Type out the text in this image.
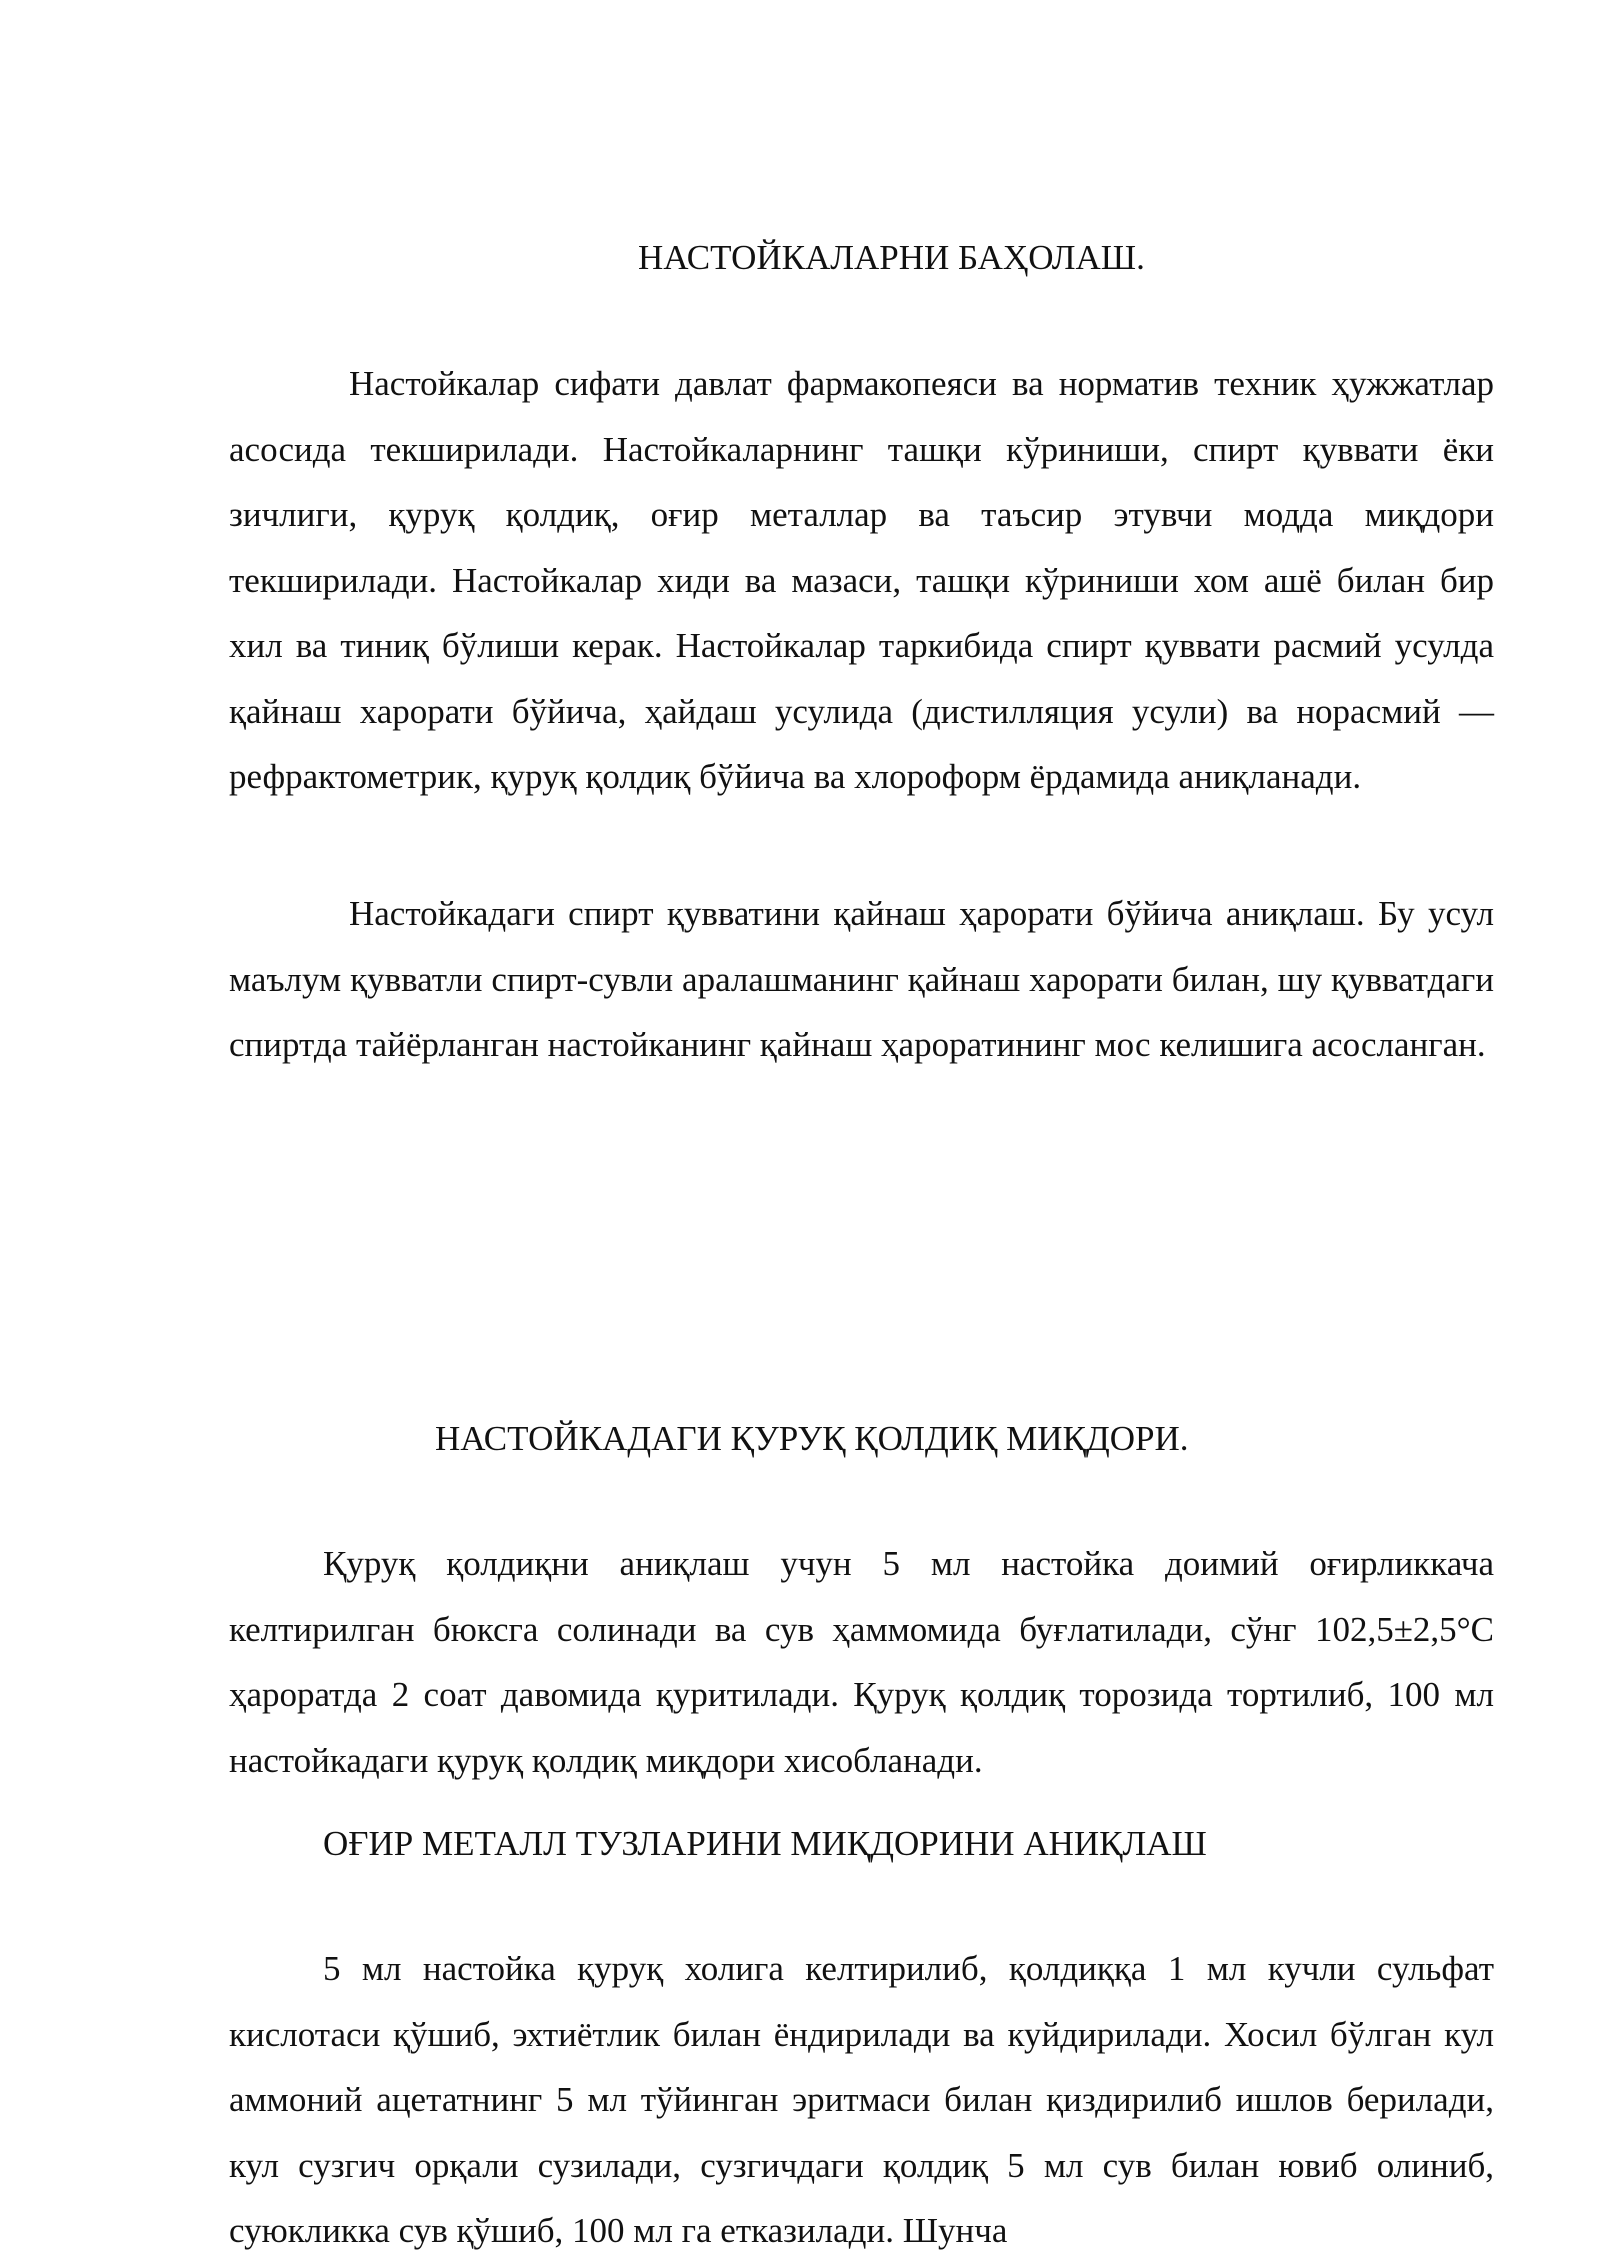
НАСТОЙКАЛАРНИ БАҲОЛАШ.

Настойкалар сифати давлат фармакопеяси ва норматив техник ҳужжатлар асосида текширилади. Настойкаларнинг ташқи кўриниши, спирт қуввати ёки зичлиги, қуруқ қолдиқ, оғир металлар ва таъсир этувчи модда миқдори текширилади. Настойкалар хиди ва мазаси, ташқи кўриниши хом ашё билан бир хил ва тиниқ бўлиши керак. Настойкалар таркибида спирт қуввати расмий усулда қайнаш харорати бўйича, ҳайдаш усулида (дистилляция усули) ва норасмий —рефрактометрик, қуруқ қолдиқ бўйича ва хлороформ ёрдамида аниқланади.

Настойкадаги спирт қувватини қайнаш ҳарорати бўйича аниқлаш. Бу усул маълум қувватли спирт-сувли аралашманинг қайнаш харорати билан, шу қувватдаги спиртда тайёрланган настойканинг қайнаш ҳароратининг мос келишига асосланган.

НАСТОЙКАДАГИ ҚУРУҚ ҚОЛДИҚ МИҚДОРИ.

Қуруқ қолдиқни аниқлаш учун 5 мл настойка доимий оғирликкача келтирилган бюксга солинади ва сув ҳаммомида буғлатилади, сўнг 102,5±2,5°С ҳароратда 2 соат давомида қуритилади. Қуруқ қолдиқ торозида тортилиб, 100 мл настойкадаги қуруқ қолдиқ миқдори хисобланади.

ОҒИР МЕТАЛЛ ТУЗЛАРИНИ МИҚДОРИНИ АНИҚЛАШ

5 мл настойка қуруқ холига келтирилиб, қолдиққа 1 мл кучли сульфат кислотаси қўшиб, эхтиётлик билан ёндирилади ва куйдирилади. Хосил бўлган кул аммоний ацетатнинг 5 мл тўйинган эритмаси билан қиздирилиб ишлов берилади, кул сузгич орқали сузилади, сузгичдаги қолдиқ 5 мл сув билан ювиб олиниб, суюкликка сув қўшиб, 100 мл га етказилади. Шунча
